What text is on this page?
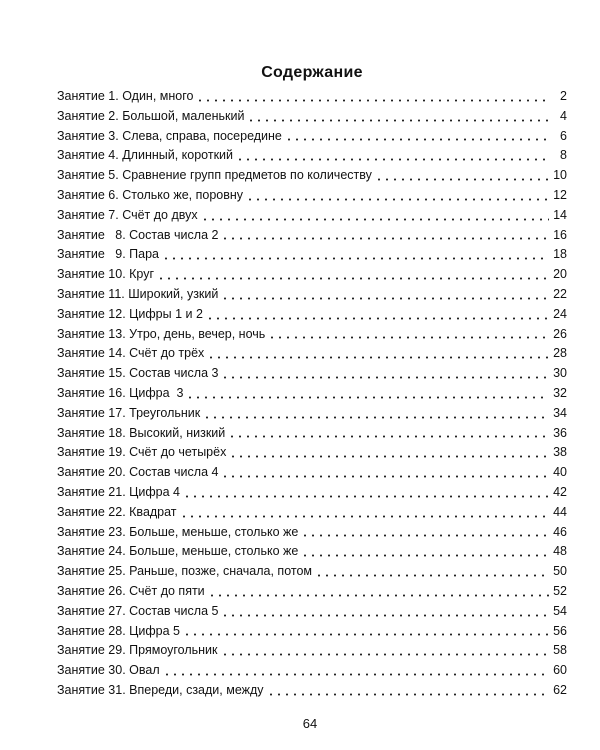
Содержание
Занятие 1. Один, много	2
Занятие 2. Большой, маленький	4
Занятие 3. Слева, справа, посередине	6
Занятие 4. Длинный, короткий	8
Занятие 5. Сравнение групп предметов по количеству	10
Занятие 6. Столько же, поровну	12
Занятие 7. Счёт до двух	14
Занятие   8. Состав числа 2	16
Занятие   9. Пара	18
Занятие 10. Круг	20
Занятие 11. Широкий, узкий	22
Занятие 12. Цифры 1 и 2	24
Занятие 13. Утро, день, вечер, ночь	26
Занятие 14. Счёт до трёх	28
Занятие 15. Состав числа 3	30
Занятие 16. Цифра  3	32
Занятие 17. Треугольник	34
Занятие 18. Высокий, низкий	36
Занятие 19. Счёт до четырёх	38
Занятие 20. Состав числа 4	40
Занятие 21. Цифра 4	42
Занятие 22. Квадрат	44
Занятие 23. Больше, меньше, столько же	46
Занятие 24. Больше, меньше, столько же	48
Занятие 25. Раньше, позже, сначала, потом	50
Занятие 26. Счёт до пяти	52
Занятие 27. Состав числа 5	54
Занятие 28. Цифра 5	56
Занятие 29. Прямоугольник	58
Занятие 30. Овал	60
Занятие 31. Впереди, сзади, между	62
64
